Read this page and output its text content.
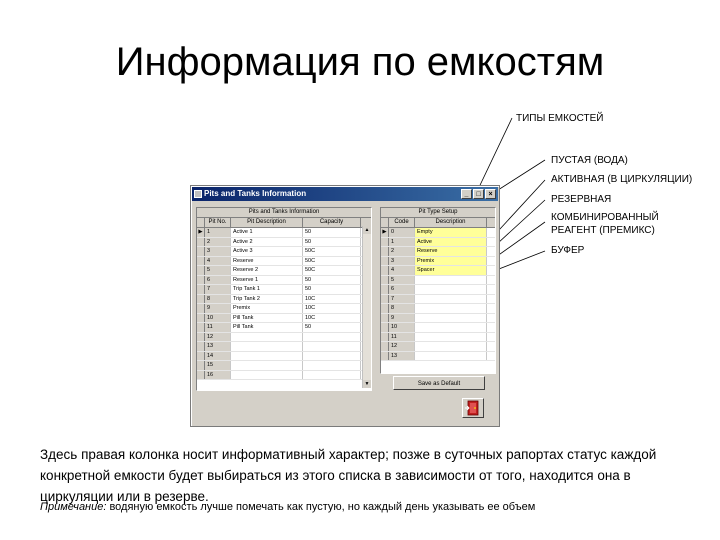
Информация по емкостям
ТИПЫ ЕМКОСТЕЙ
ПУСТАЯ (ВОДА)
АКТИВНАЯ (В ЦИРКУЛЯЦИИ)
РЕЗЕРВНАЯ
КОМБИНИРОВАННЫЙ
РЕАГЕНТ (ПРЕМИКС)
БУФЕР
Pits and Tanks Information	_	□	×
Pits and Tanks Information
Pit No.	Pit Description	Capacity
▶ 1	Active 1	50
2	Active 2	50
3	Active 3	50C
4	Reserve	50C
5	Reserve 2	50C
6	Reserve 1	50
7	Trip Tank 1	50
8	Trip Tank 2	10C
9	Premix	10C
10	Pill Tank	10C
11	Pill Tank	50
12
13
14
15
16
▲
▼
Pit Type Setup
Code	Description
▶ 0	Empty
1	Active
2	Reserve
3	Premix
4	Spacer
5
6
7
8
9
10
11
12
13
Save as Default
Здесь правая колонка носит информативный характер; позже в суточных рапортах статус каждой конкретной емкости будет выбираться из этого списка в зависимости от того, находится она в циркуляции или в резерве.
Примечание: водяную емкость лучше помечать как пустую, но каждый день указывать ее объем
